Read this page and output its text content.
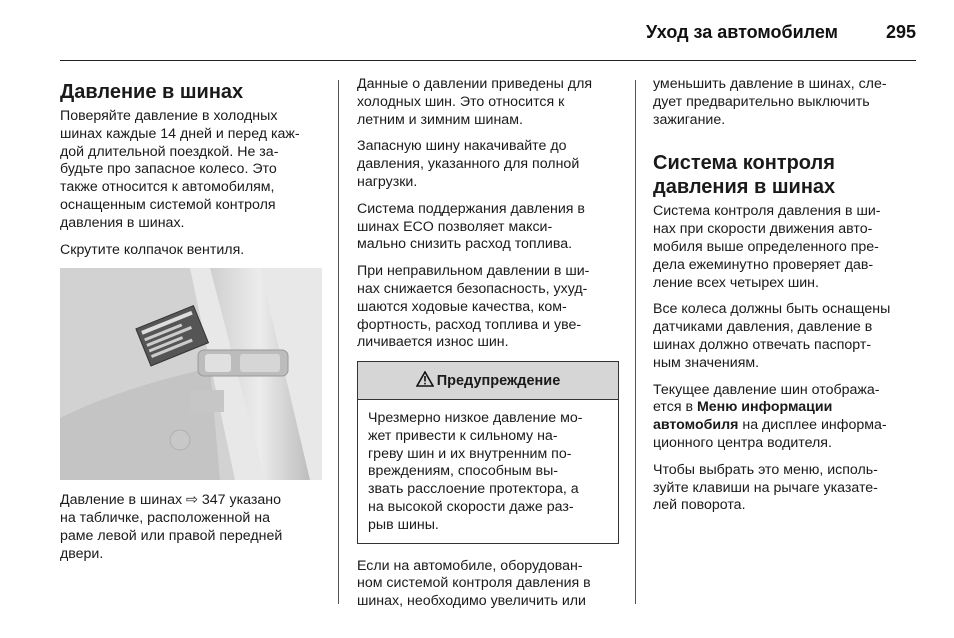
Уход за автомобилем	295
Давление в шинах

Поверяйте давление в холодных
шинах каждые 14 дней и перед каж-
дой длительной поездкой. Не за-
будьте про запасное колесо. Это
также относится к автомобилям,
оснащенным системой контроля
давления в шинах.

Скрутите колпачок вентиля.

Давление в шинах ⇨ 347 указано
на табличке, расположенной на
раме левой или правой передней
двери.

Данные о давлении приведены для
холодных шин. Это относится к
летним и зимним шинам.

Запасную шину накачивайте до
давления, указанного для полной
нагрузки.

Система поддержания давления в
шинах ECO позволяет макси-
мально снизить расход топлива.

При неправильном давлении в ши-
нах снижается безопасность, ухуд-
шаются ходовые качества, ком-
фортность, расход топлива и уве-
личивается износ шин.

Предупреждение
Чрезмерно низкое давление мо-
жет привести к сильному на-
греву шин и их внутренним по-
вреждениям, способным вы-
звать расслоение протектора, а
на высокой скорости даже раз-
рыв шины.

Если на автомобиле, оборудован-
ном системой контроля давления в
шинах, необходимо увеличить или

уменьшить давление в шинах, сле-
дует предварительно выключить
зажигание.

Система контроля
давления в шинах

Система контроля давления в ши-
нах при скорости движения авто-
мобиля выше определенного пре-
дела ежеминутно проверяет дав-
ление всех четырех шин.

Все колеса должны быть оснащены
датчиками давления, давление в
шинах должно отвечать паспорт-
ным значениям.

Текущее давление шин отобража-
ется в Меню информации
автомобиля на дисплее информа-
ционного центра водителя.

Чтобы выбрать это меню, исполь-
зуйте клавиши на рычаге указате-
лей поворота.
